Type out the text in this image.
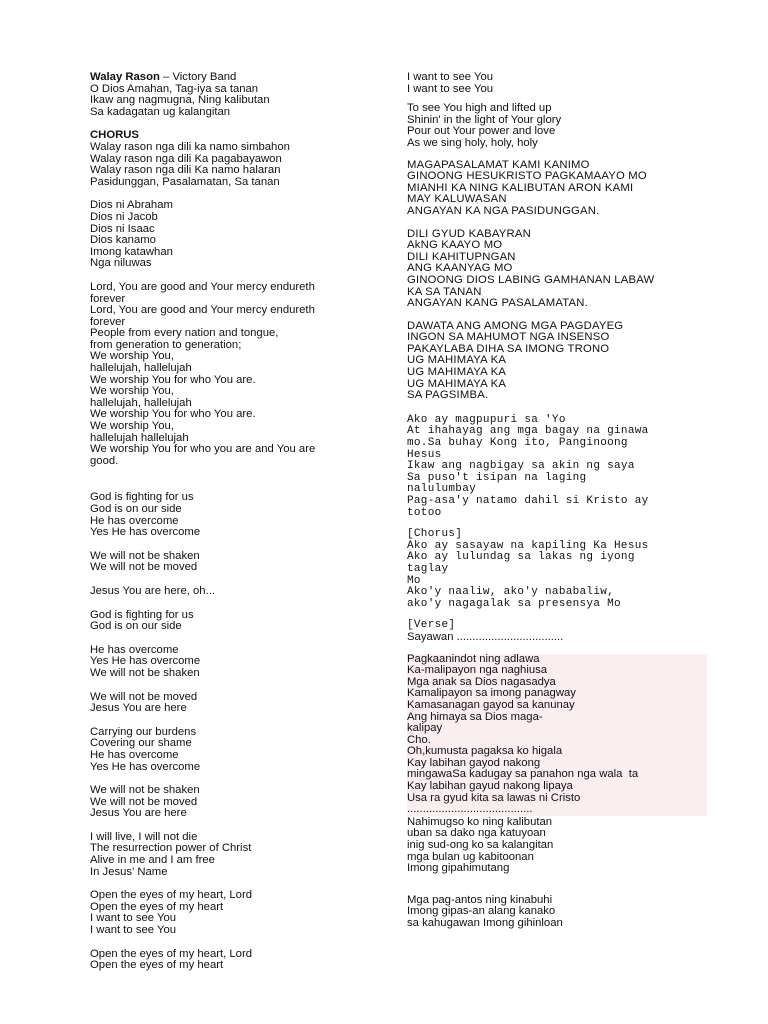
Walay Rason – Victory Band
O Dios Amahan, Tag-iya sa tanan
Ikaw ang nagmugna, Ning kalibutan
Sa kadagatan ug kalangitan
CHORUS
Walay rason nga dili ka namo simbahon
Walay rason nga dili Ka pagabayawon
Walay rason nga dili Ka namo halaran
Pasidunggan, Pasalamatan, Sa tanan
Dios ni Abraham
Dios ni Jacob
Dios ni Isaac
Dios kanamo
Imong katawhan
Nga niluwas
Lord, You are good and Your mercy endureth
forever
Lord, You are good and Your mercy endureth
forever
People from every nation and tongue,
from generation to generation;
We worship You,
hallelujah, hallelujah
We worship You for who You are.
We worship You,
hallelujah, hallelujah
We worship You for who You are.
We worship You,
hallelujah hallelujah
We worship You for who you are and You are
good.
God is fighting for us
God is on our side
He has overcome
Yes He has overcome
We will not be shaken
We will not be moved
Jesus You are here, oh...
God is fighting for us
God is on our side
He has overcome
Yes He has overcome
We will not be shaken
We will not be moved
Jesus You are here
Carrying our burdens
Covering our shame
He has overcome
Yes He has overcome
We will not be shaken
We will not be moved
Jesus You are here
I will live, I will not die
The resurrection power of Christ
Alive in me and I am free
In Jesus' Name
Open the eyes of my heart, Lord
Open the eyes of my heart
I want to see You
I want to see You
Open the eyes of my heart, Lord
Open the eyes of my heart
I want to see You
I want to see You
To see You high and lifted up
Shinin' in the light of Your glory
Pour out Your power and love
As we sing holy, holy, holy
MAGAPASALAMAT KAMI KANIMO
GINOONG HESUKRISTO PAGKAMAAYO MO
MIANHI KA NING KALIBUTAN ARON KAMI
MAY KALUWASAN
ANGAYAN KA NGA PASIDUNGGAN.
DILI GYUD KABAYRAN
AkNG KAAYO MO
DILI KAHITUPNGAN
ANG KAANYAG MO
GINOONG DIOS LABING GAMHANAN LABAW
KA SA TANAN
ANGAYAN KANG PASALAMATAN.
DAWATA ANG AMONG MGA PAGDAYEG
INGON SA MAHUMOT NGA INSENSO
PAKAYLABA DIHA SA IMONG TRONO
UG MAHIMAYA KA
UG MAHIMAYA KA
UG MAHIMAYA KA
SA PAGSIMBA.
Ako ay magpupuri sa 'Yo
At ihahayag ang mga bagay na ginawa
mo.Sa buhay Kong ito, Panginoong
Hesus
Ikaw ang nagbigay sa akin ng saya
Sa puso't isipan na laging
nalulumbay
Pag-asa'y natamo dahil si Kristo ay
totoo
[Chorus]
Ako ay sasayaw na kapiling Ka Hesus
Ako ay lulundag sa lakas ng iyong
taglay
Mo
Ako'y naaliw, ako'y nababaliw,
ako'y nagagalak sa presensya Mo
[Verse]
Sayawan ..................................
Pagkaanindot ning adlawa
Ka-malipayon nga naghiusa
Mga anak sa Dios nagasadya
Kamalipayon sa imong panagway
Kamasanagan gayod sa kanunay
Ang himaya sa Dios maga-
kalipay
Cho.
Oh,kumusta pagaksa ko higala
Kay labihan gayod nakong
mingawaSa kadugay sa panahon nga wala  ta
Kay labihan gayud nakong lipaya
Usa ra gyud kita sa lawas ni Cristo
........................................
Nahimugso ko ning kalibutan
uban sa dako nga katuyoan
inig sud-ong ko sa kalangitan
mga bulan ug kabitoonan
Imong gipahimutang
Mga pag-antos ning kinabuhi
Imong gipas-an alang kanako
sa kahugawan Imong gihinloan
